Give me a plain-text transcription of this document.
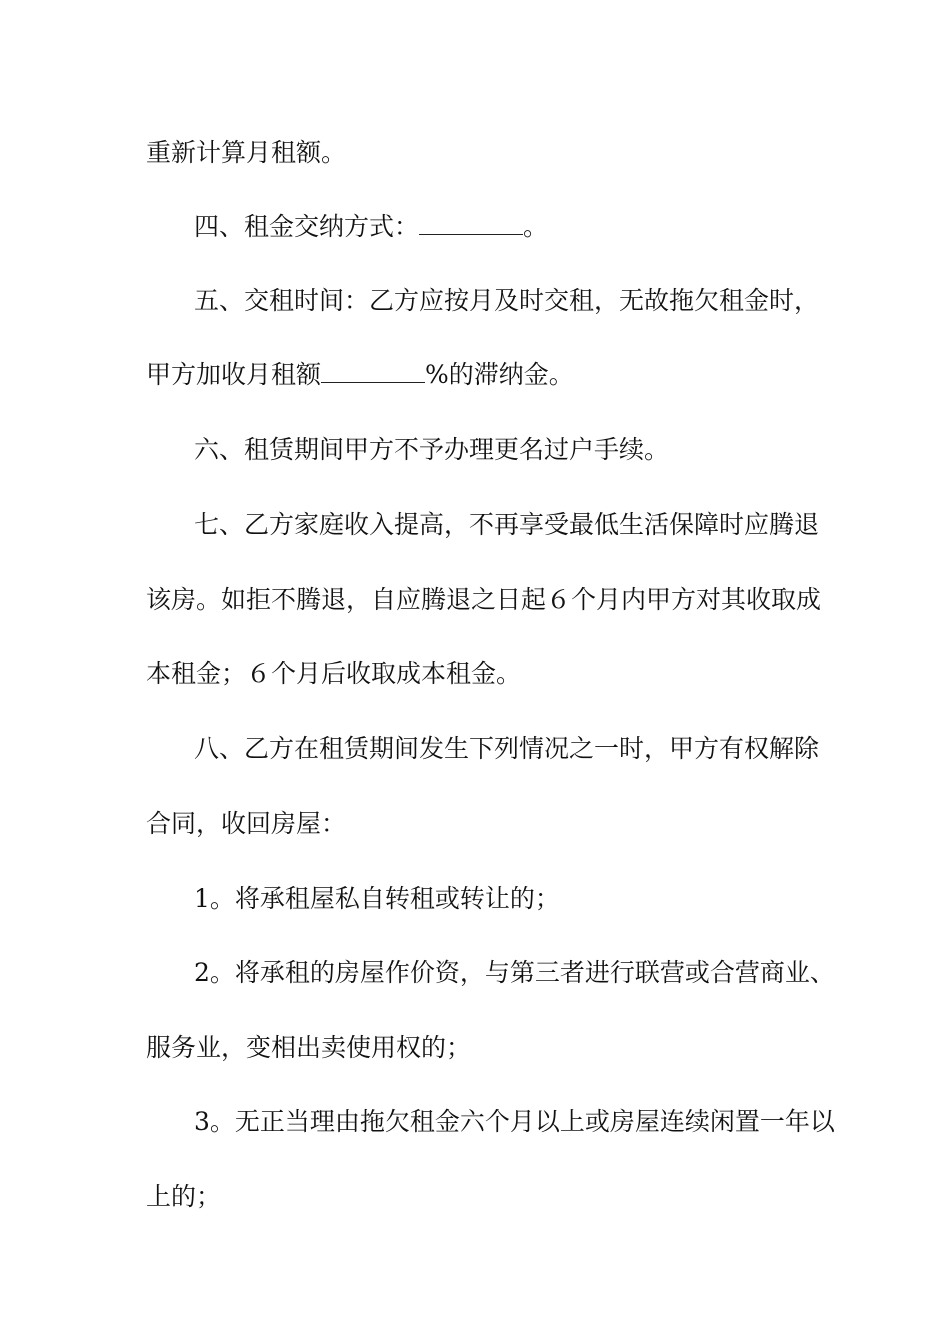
重新计算月租额。
四、租金交纳方式：	。
五、交租时间：乙方应按月及时交租，无故拖欠租金时，
甲方加收月租额	%的滞纳金。
六、租赁期间甲方不予办理更名过户手续。
七、乙方家庭收入提高，不再享受最低生活保障时应腾退
该房。如拒不腾退，自应腾退之日起６个月内甲方对其收取成
本租金；６个月后收取成本租金。
八、乙方在租赁期间发生下列情况之一时，甲方有权解除
合同，收回房屋：
1。将承租屋私自转租或转让的；
2。将承租的房屋作价资，与第三者进行联营或合营商业、
服务业，变相出卖使用权的；
3。无正当理由拖欠租金六个月以上或房屋连续闲置一年以
上的；
